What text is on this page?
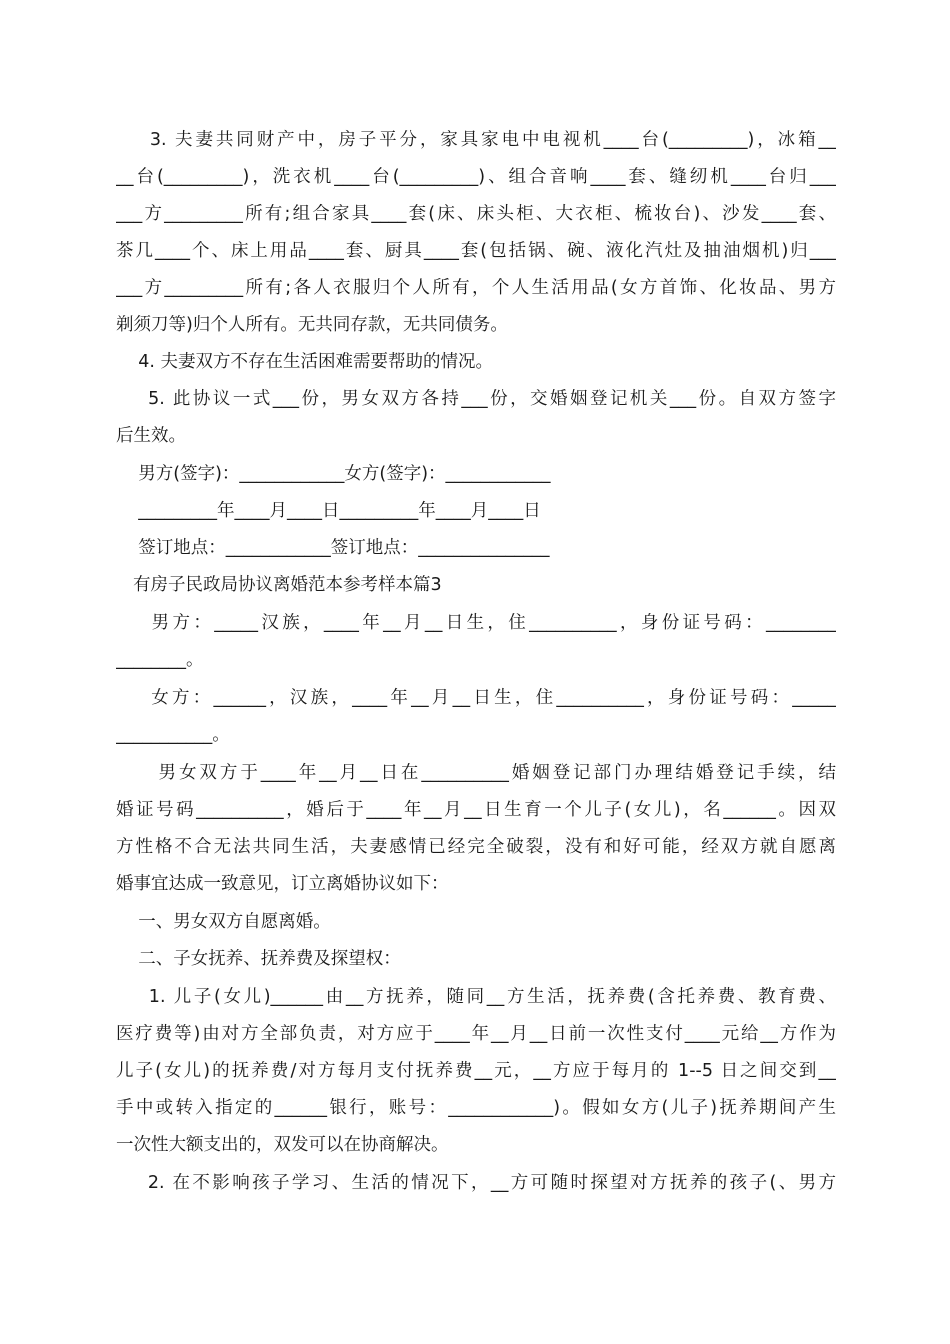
3. 夫妻共同财产中，房子平分，家具家电中电视机____台(_________)，冰箱__
__台(_________)，洗衣机____台(_________)、组合音响____套、缝纫机____台归___
___方_________所有;组合家具____套(床、床头柜、大衣柜、梳妆台)、沙发____套、
茶几____个、床上用品____套、厨具____套(包括锅、碗、液化汽灶及抽油烟机)归___
___方_________所有;各人衣服归个人所有，个人生活用品(女方首饰、化妆品、男方
剃须刀等)归个人所有。无共同存款，无共同债务。
4. 夫妻双方不存在生活困难需要帮助的情况。
5. 此协议一式___份，男女双方各持___份，交婚姻登记机关___份。自双方签字
后生效。
男方(签字)：____________女方(签字)：____________
_________年____月____日_________年____月____日
签订地点：____________签订地点：_______________
有房子民政局协议离婚范本参考样本篇3
男方：_____汉族，____年__月__日生，住__________，身份证号码：________
________。
女方：______，汉族，____年__月__日生，住__________，身份证号码：_____
___________。
男女双方于____年__月__日在__________婚姻登记部门办理结婚登记手续，结
婚证号码__________，婚后于____年__月__日生育一个儿子(女儿)，名______。因双
方性格不合无法共同生活，夫妻感情已经完全破裂，没有和好可能，经双方就自愿离
婚事宜达成一致意见，订立离婚协议如下：
一、男女双方自愿离婚。
二、子女抚养、抚养费及探望权：
1. 儿子(女儿)______由__方抚养，随同__方生活，抚养费(含托养费、教育费、
医疗费等)由对方全部负责，对方应于____年__月__日前一次性支付____元给__方作为
儿子(女儿)的抚养费/对方每月支付抚养费__元，__方应于每月的 1--5 日之间交到__
手中或转入指定的______银行，账号：____________)。假如女方(儿子)抚养期间产生
一次性大额支出的，双发可以在协商解决。
2. 在不影响孩子学习、生活的情况下，__方可随时探望对方抚养的孩子(、男方
